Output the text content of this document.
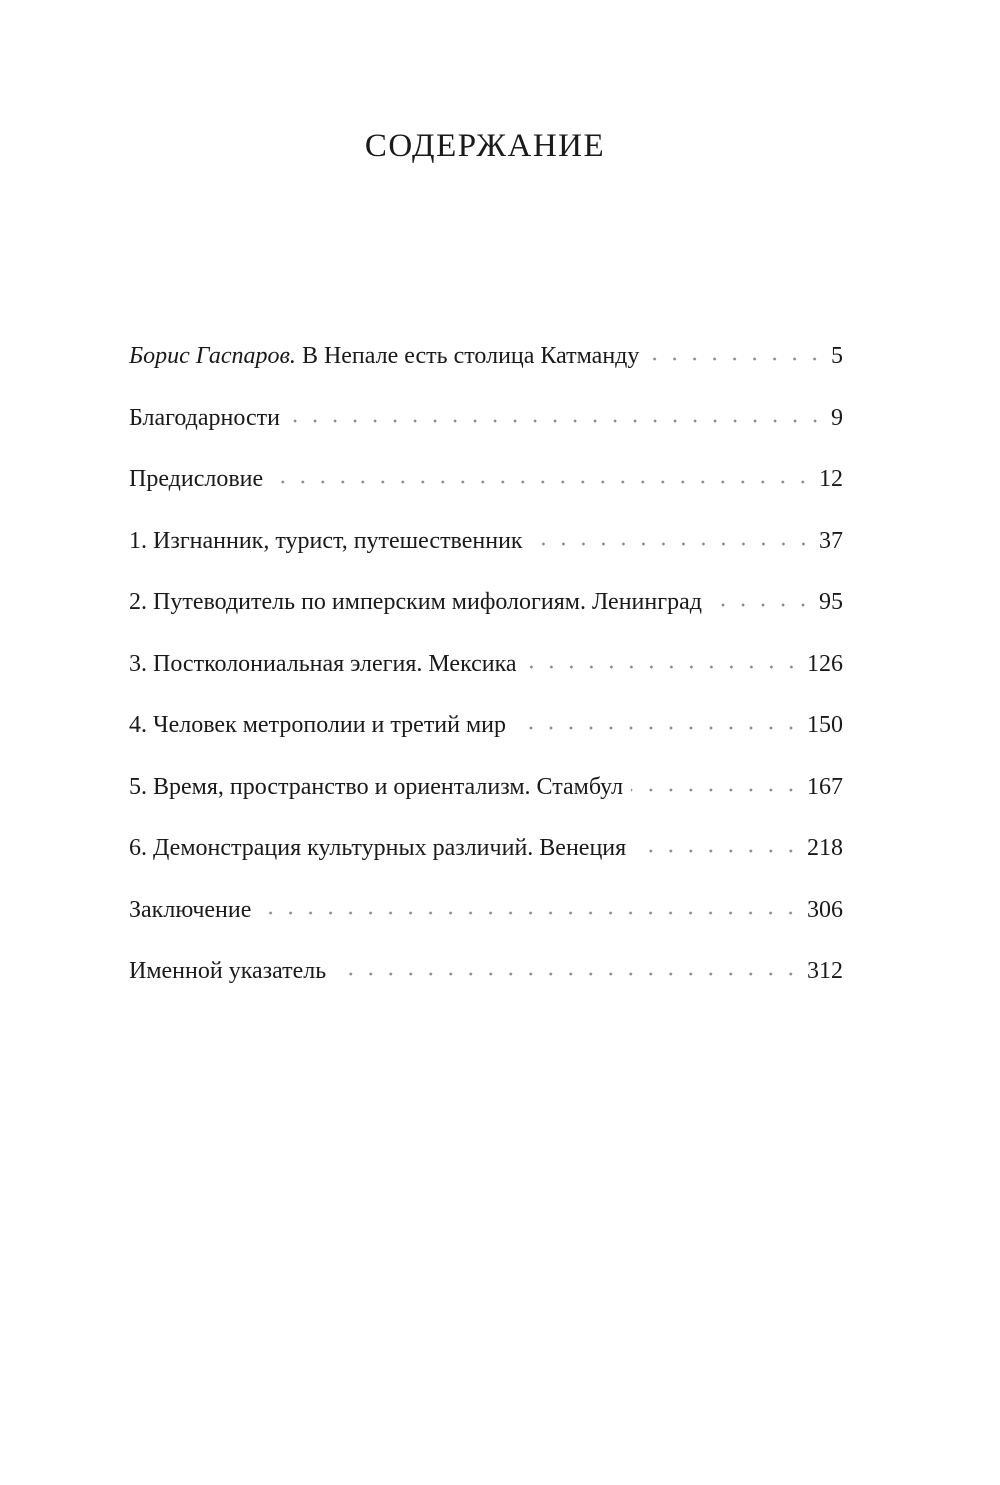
СОДЕРЖАНИЕ
Борис Гаспаров. В Непале есть столица Катманду	5
Благодарности	9
Предисловие	12
1. Изгнанник, турист, путешественник	37
2. Путеводитель по имперским мифологиям. Ленинград	95
3. Постколониальная элегия. Мексика	126
4. Человек метрополии и третий мир	150
5. Время, пространство и ориентализм. Стамбул	167
6. Демонстрация культурных различий. Венеция	218
Заключение	306
Именной указатель	312
